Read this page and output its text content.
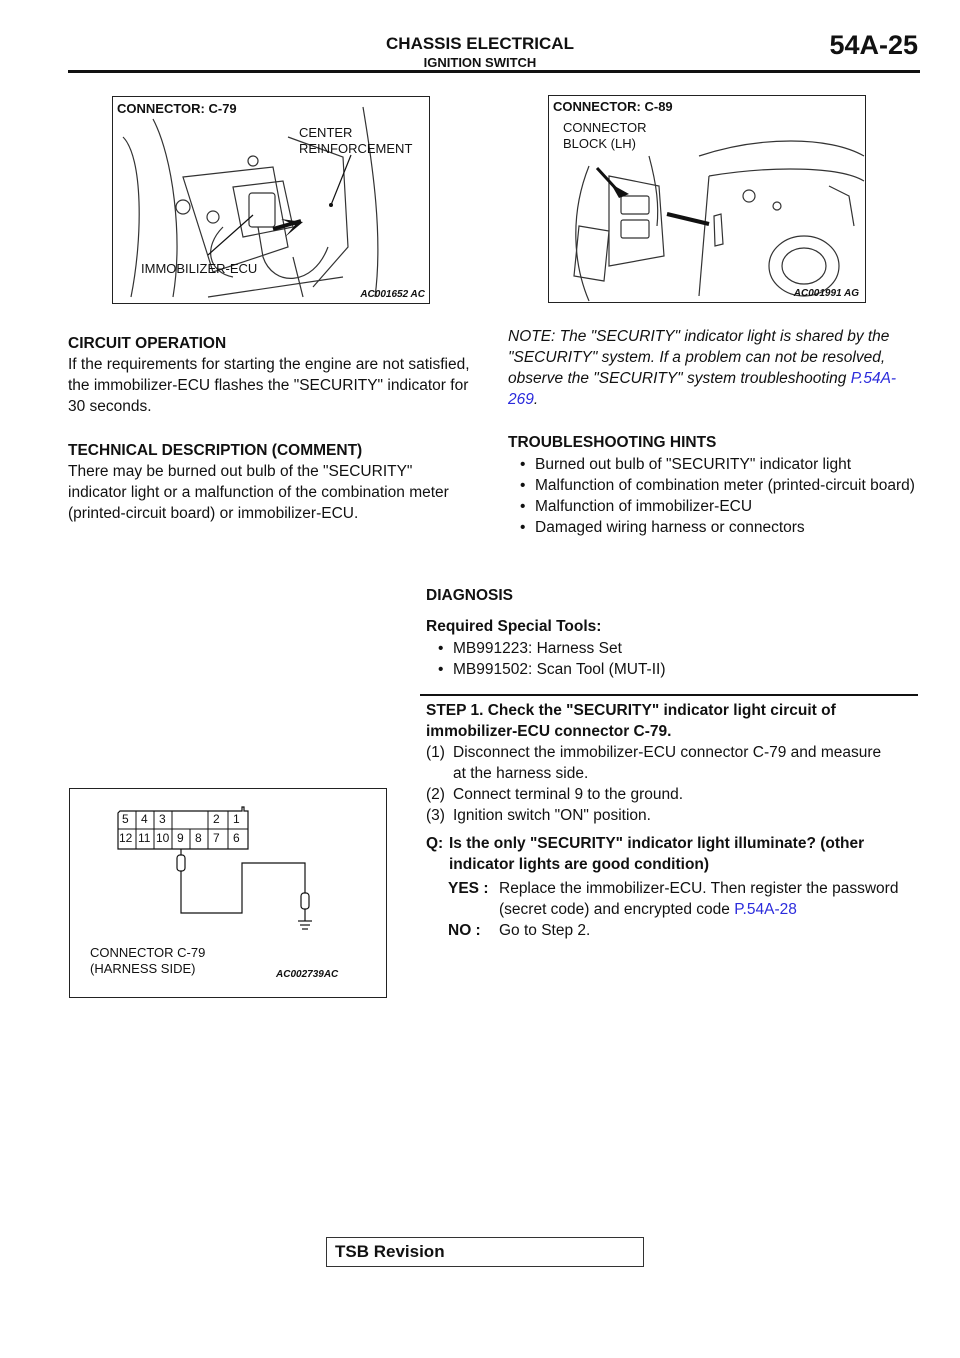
CHASSIS ELECTRICAL
IGNITION SWITCH
54A-25
CONNECTOR: C-79
CENTER
REINFORCEMENT
IMMOBILIZER-ECU
AC001652 AC
CONNECTOR: C-89
CONNECTOR
BLOCK (LH)
AC001991 AG
CIRCUIT OPERATION
If the requirements for starting the engine are not satisfied, the immobilizer-ECU flashes the "SECURITY" indicator for 30 seconds.
TECHNICAL DESCRIPTION (COMMENT)
There may be burned out bulb of the "SECURITY" indicator light or a malfunction of the combination meter (printed-circuit board) or immobilizer-ECU.
NOTE: The "SECURITY" indicator light is shared by the "SECURITY" system. If a problem can not be resolved, observe the "SECURITY" system troubleshooting P.54A-269.
TROUBLESHOOTING HINTS
• Burned out bulb of "SECURITY" indicator light
• Malfunction of combination meter (printed-circuit board)
• Malfunction of immobilizer-ECU
• Damaged wiring harness or connectors
DIAGNOSIS
Required Special Tools:
• MB991223: Harness Set
• MB991502: Scan Tool (MUT-II)
STEP 1. Check the "SECURITY" indicator light circuit of immobilizer-ECU connector C-79.
(1) Disconnect the immobilizer-ECU connector C-79 and measure at the harness side.
(2) Connect terminal 9 to the ground.
(3) Ignition switch "ON" position.
Q: Is the only "SECURITY" indicator light illuminate? (other indicator lights are good condition)
YES : Replace the immobilizer-ECU. Then register the password (secret code) and encrypted code P.54A-28
NO : Go to Step 2.
5 4 3	2 1
12 11 10 9 8 7 6
CONNECTOR C-79
(HARNESS SIDE)	AC002739AC
TSB Revision
